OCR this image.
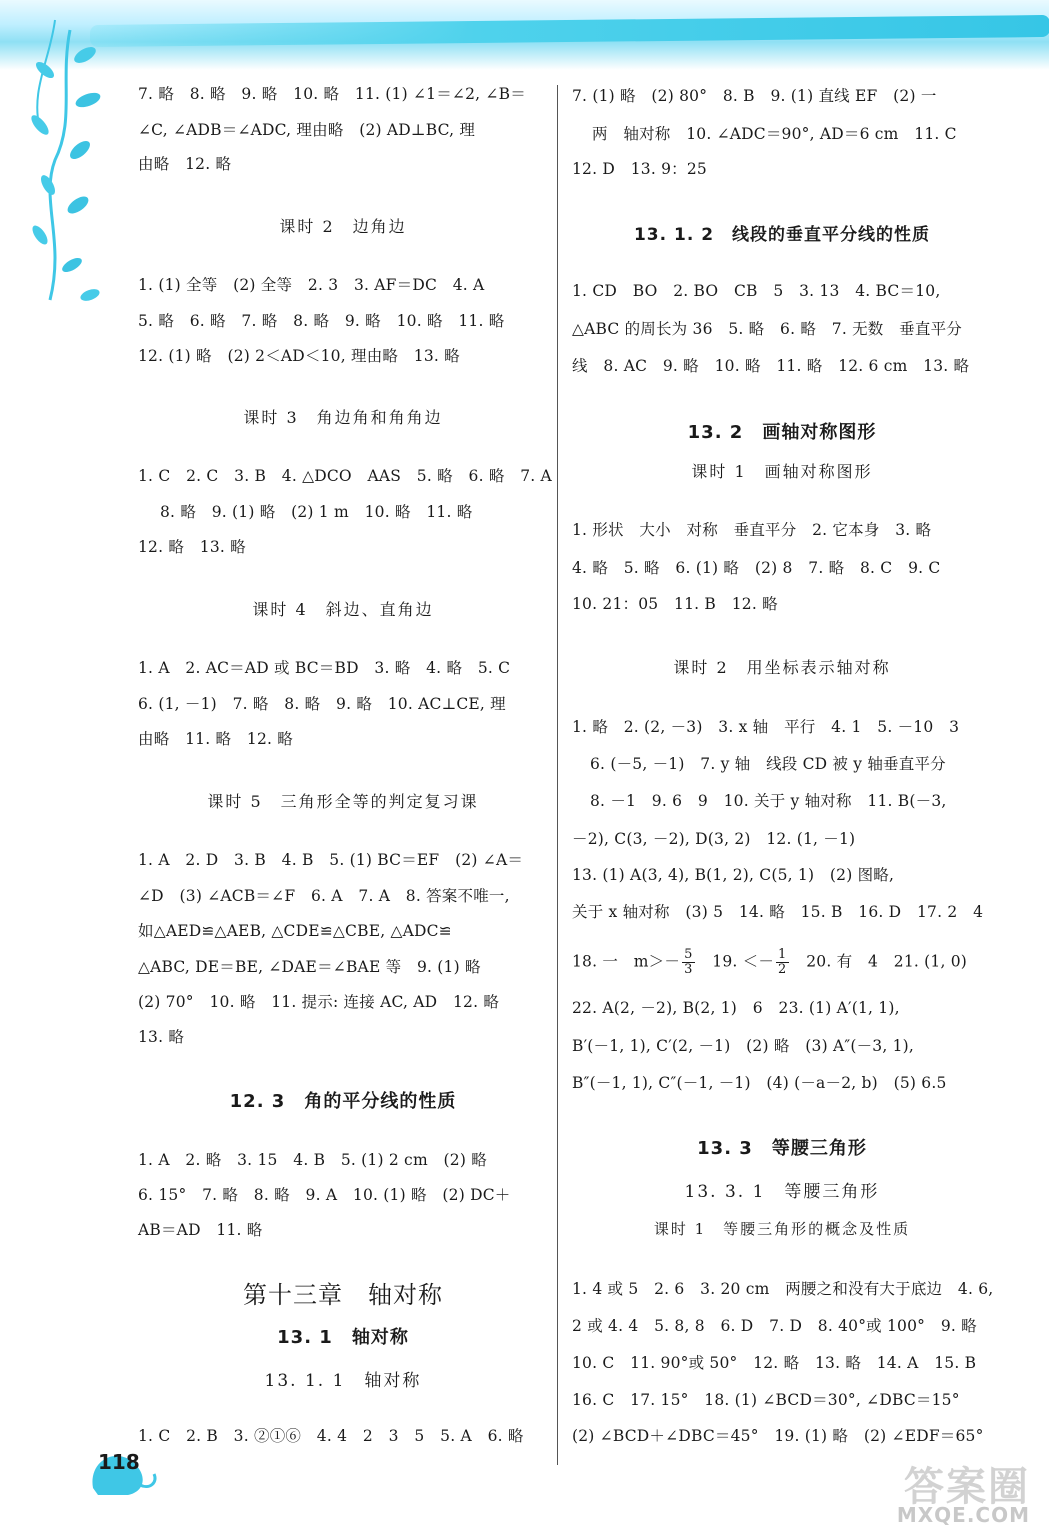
7. 略　8. 略　9. 略　10. 略　11. (1) ∠1＝∠2, ∠B＝
∠C, ∠ADB＝∠ADC, 理由略　(2) AD⊥BC, 理
由略　12. 略
课时 2　边角边
1. (1) 全等　(2) 全等　2. 3　3. AF＝DC　4. A
5. 略　6. 略　7. 略　8. 略　9. 略　10. 略　11. 略
12. (1) 略　(2) 2＜AD＜10, 理由略　13. 略
课时 3　角边角和角角边
1. C　2. C　3. B　4. △DCO　AAS　5. 略　6. 略　7. A
8. 略　9. (1) 略　(2) 1 m　10. 略　11. 略
12. 略　13. 略
课时 4　斜边、直角边
1. A　2. AC＝AD 或 BC＝BD　3. 略　4. 略　5. C
6. (1, －1)　7. 略　8. 略　9. 略　10. AC⊥CE, 理
由略　11. 略　12. 略
课时 5　三角形全等的判定复习课
1. A　2. D　3. B　4. B　5. (1) BC＝EF　(2) ∠A＝
∠D　(3) ∠ACB＝∠F　6. A　7. A　8. 答案不唯一,
如△AED≌△AEB, △CDE≌△CBE, △ADC≌
△ABC, DE＝BE, ∠DAE＝∠BAE 等　9. (1) 略
(2) 70°　10. 略　11. 提示: 连接 AC, AD　12. 略
13. 略
12. 3　角的平分线的性质
1. A　2. 略　3. 15　4. B　5. (1) 2 cm　(2) 略
6. 15°　7. 略　8. 略　9. A　10. (1) 略　(2) DC＋
AB＝AD　11. 略
第十三章　轴对称
13. 1　轴对称
13. 1. 1　轴对称
1. C　2. B　3. ②①⑥　4. 4　2　3　5　5. A　6. 略
7. (1) 略　(2) 80°　8. B　9. (1) 直线 EF　(2) 一
两　轴对称　10. ∠ADC＝90°, AD＝6 cm　11. C
12. D　13. 9：25
13. 1. 2　线段的垂直平分线的性质
1. CD　BO　2. BO　CB　5　3. 13　4. BC＝10,
△ABC 的周长为 36　5. 略　6. 略　7. 无数　垂直平分
线　8. AC　9. 略　10. 略　11. 略　12. 6 cm　13. 略
13. 2　画轴对称图形
课时 1　画轴对称图形
1. 形状　大小　对称　垂直平分　2. 它本身　3. 略
4. 略　5. 略　6. (1) 略　(2) 8　7. 略　8. C　9. C
10. 21：05　11. B　12. 略
课时 2　用坐标表示轴对称
1. 略　2. (2, －3)　3. x 轴　平行　4. 1　5. －10　3
6. (－5, －1)　7. y 轴　线段 CD 被 y 轴垂直平分
8. －1　9. 6　9　10. 关于 y 轴对称　11. B(－3,
－2), C(3, －2), D(3, 2)　12. (1, －1)
13. (1) A(3, 4), B(1, 2), C(5, 1)　(2) 图略,
关于 x 轴对称　(3) 5　14. 略　15. B　16. D　17. 2　4
18. 一　$m>- \frac{5}{3}$ 　19. ＜－ $\frac{1}{2}$ 　20. 有　4　21. (1, 0)
22. A(2, －2), B(2, 1)　6　23. (1) A′(1, 1),
B′(－1, 1), C′(2, －1)　(2) 略　(3) A″(－3, 1),
B″(－1, 1), C″(－1, －1)　(4) (－a－2, b)　(5) 6.5
13. 3　等腰三角形
13. 3. 1　等腰三角形
课时 1　等腰三角形的概念及性质
1. 4 或 5　2. 6　3. 20 cm　两腰之和没有大于底边　4. 6,
2 或 4. 4　5. 8, 8　6. D　7. D　8. 40°或 100°　9. 略
10. C　11. 90°或 50°　12. 略　13. 略　14. A　15. B
16. C　17. 15°　18. (1) ∠BCD＝30°, ∠DBC＝15°
(2) ∠BCD＋∠DBC＝45°　19. (1) 略　(2) ∠EDF＝65°
118
答案圈
MXQE.COM
